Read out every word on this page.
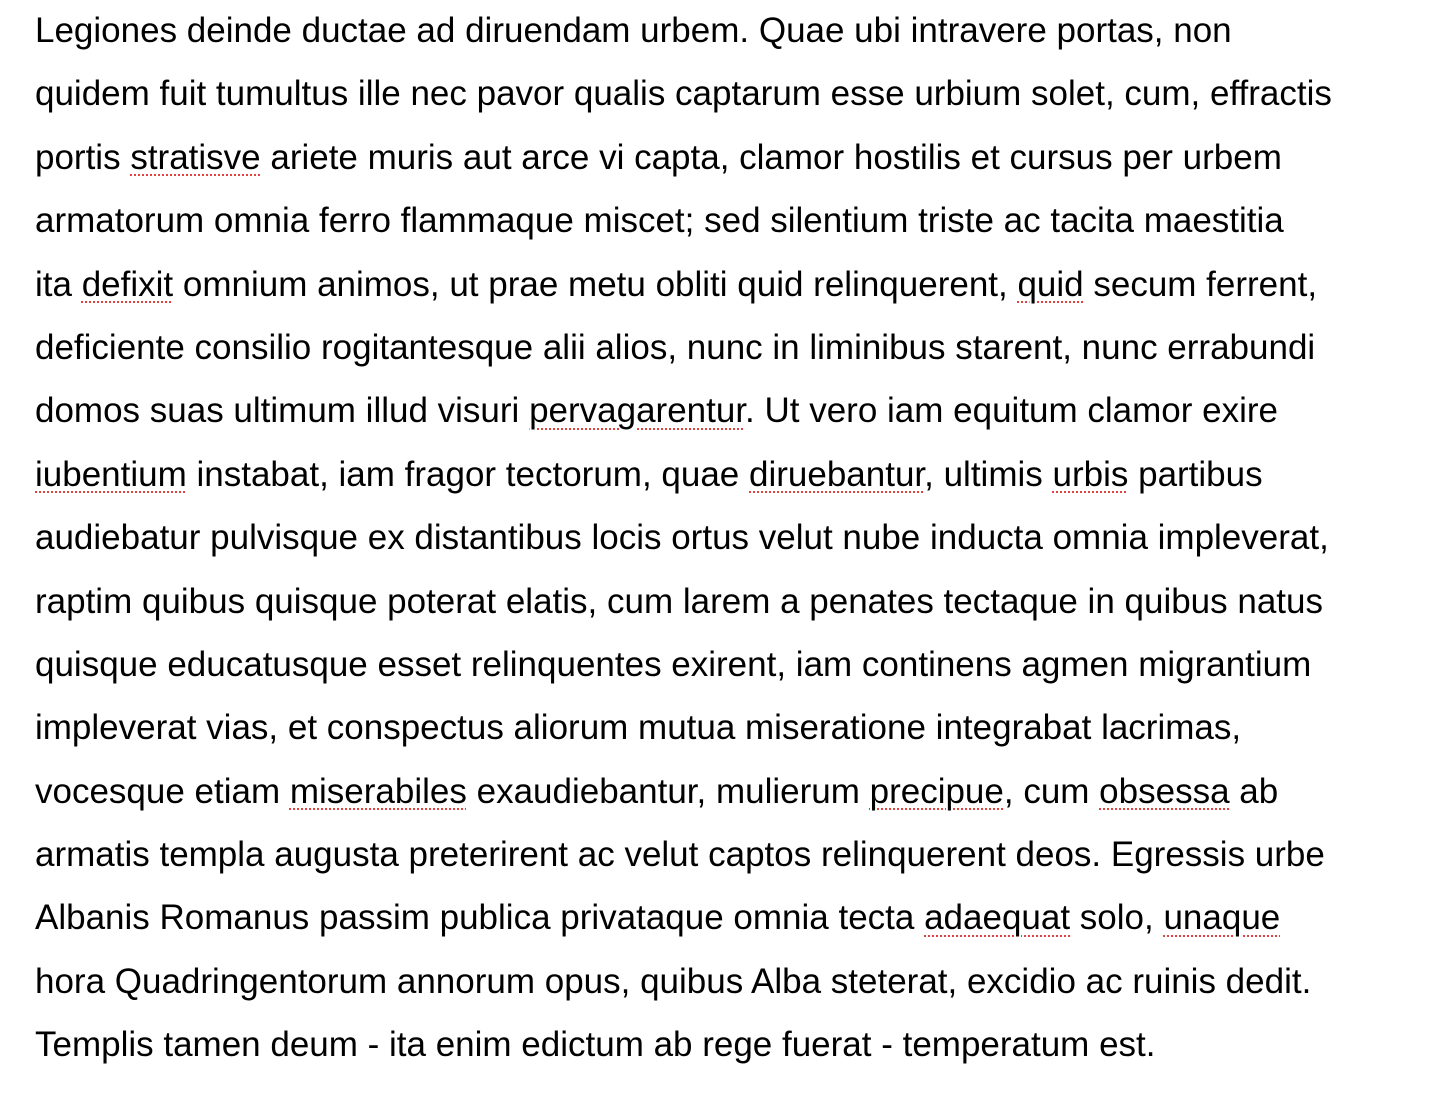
Legiones deinde ductae ad diruendam urbem. Quae ubi intravere portas, non
quidem fuit tumultus ille nec pavor qualis captarum esse urbium solet, cum, effractis
portis stratisve ariete muris aut arce vi capta, clamor hostilis et cursus per urbem
armatorum omnia ferro flammaque miscet; sed silentium triste ac tacita maestitia
ita defixit omnium animos, ut prae metu obliti quid relinquerent, quid secum ferrent,
deficiente consilio rogitantesque alii alios, nunc in liminibus starent, nunc errabundi
domos suas ultimum illud visuri pervagarentur. Ut vero iam equitum clamor exire
iubentium instabat, iam fragor tectorum, quae diruebantur, ultimis urbis partibus
audiebatur pulvisque ex distantibus locis ortus velut nube inducta omnia impleverat,
raptim quibus quisque poterat elatis, cum larem a penates tectaque in quibus natus
quisque educatusque esset relinquentes exirent, iam continens agmen migrantium
impleverat vias, et conspectus aliorum mutua miseratione integrabat lacrimas,
vocesque etiam miserabiles exaudiebantur, mulierum precipue, cum obsessa ab
armatis templa augusta preterirent ac velut captos relinquerent deos. Egressis urbe
Albanis Romanus passim publica privataque omnia tecta adaequat solo, unaque
hora Quadringentorum annorum opus, quibus Alba steterat, excidio ac ruinis dedit.
Templis tamen deum - ita enim edictum ab rege fuerat - temperatum est.
